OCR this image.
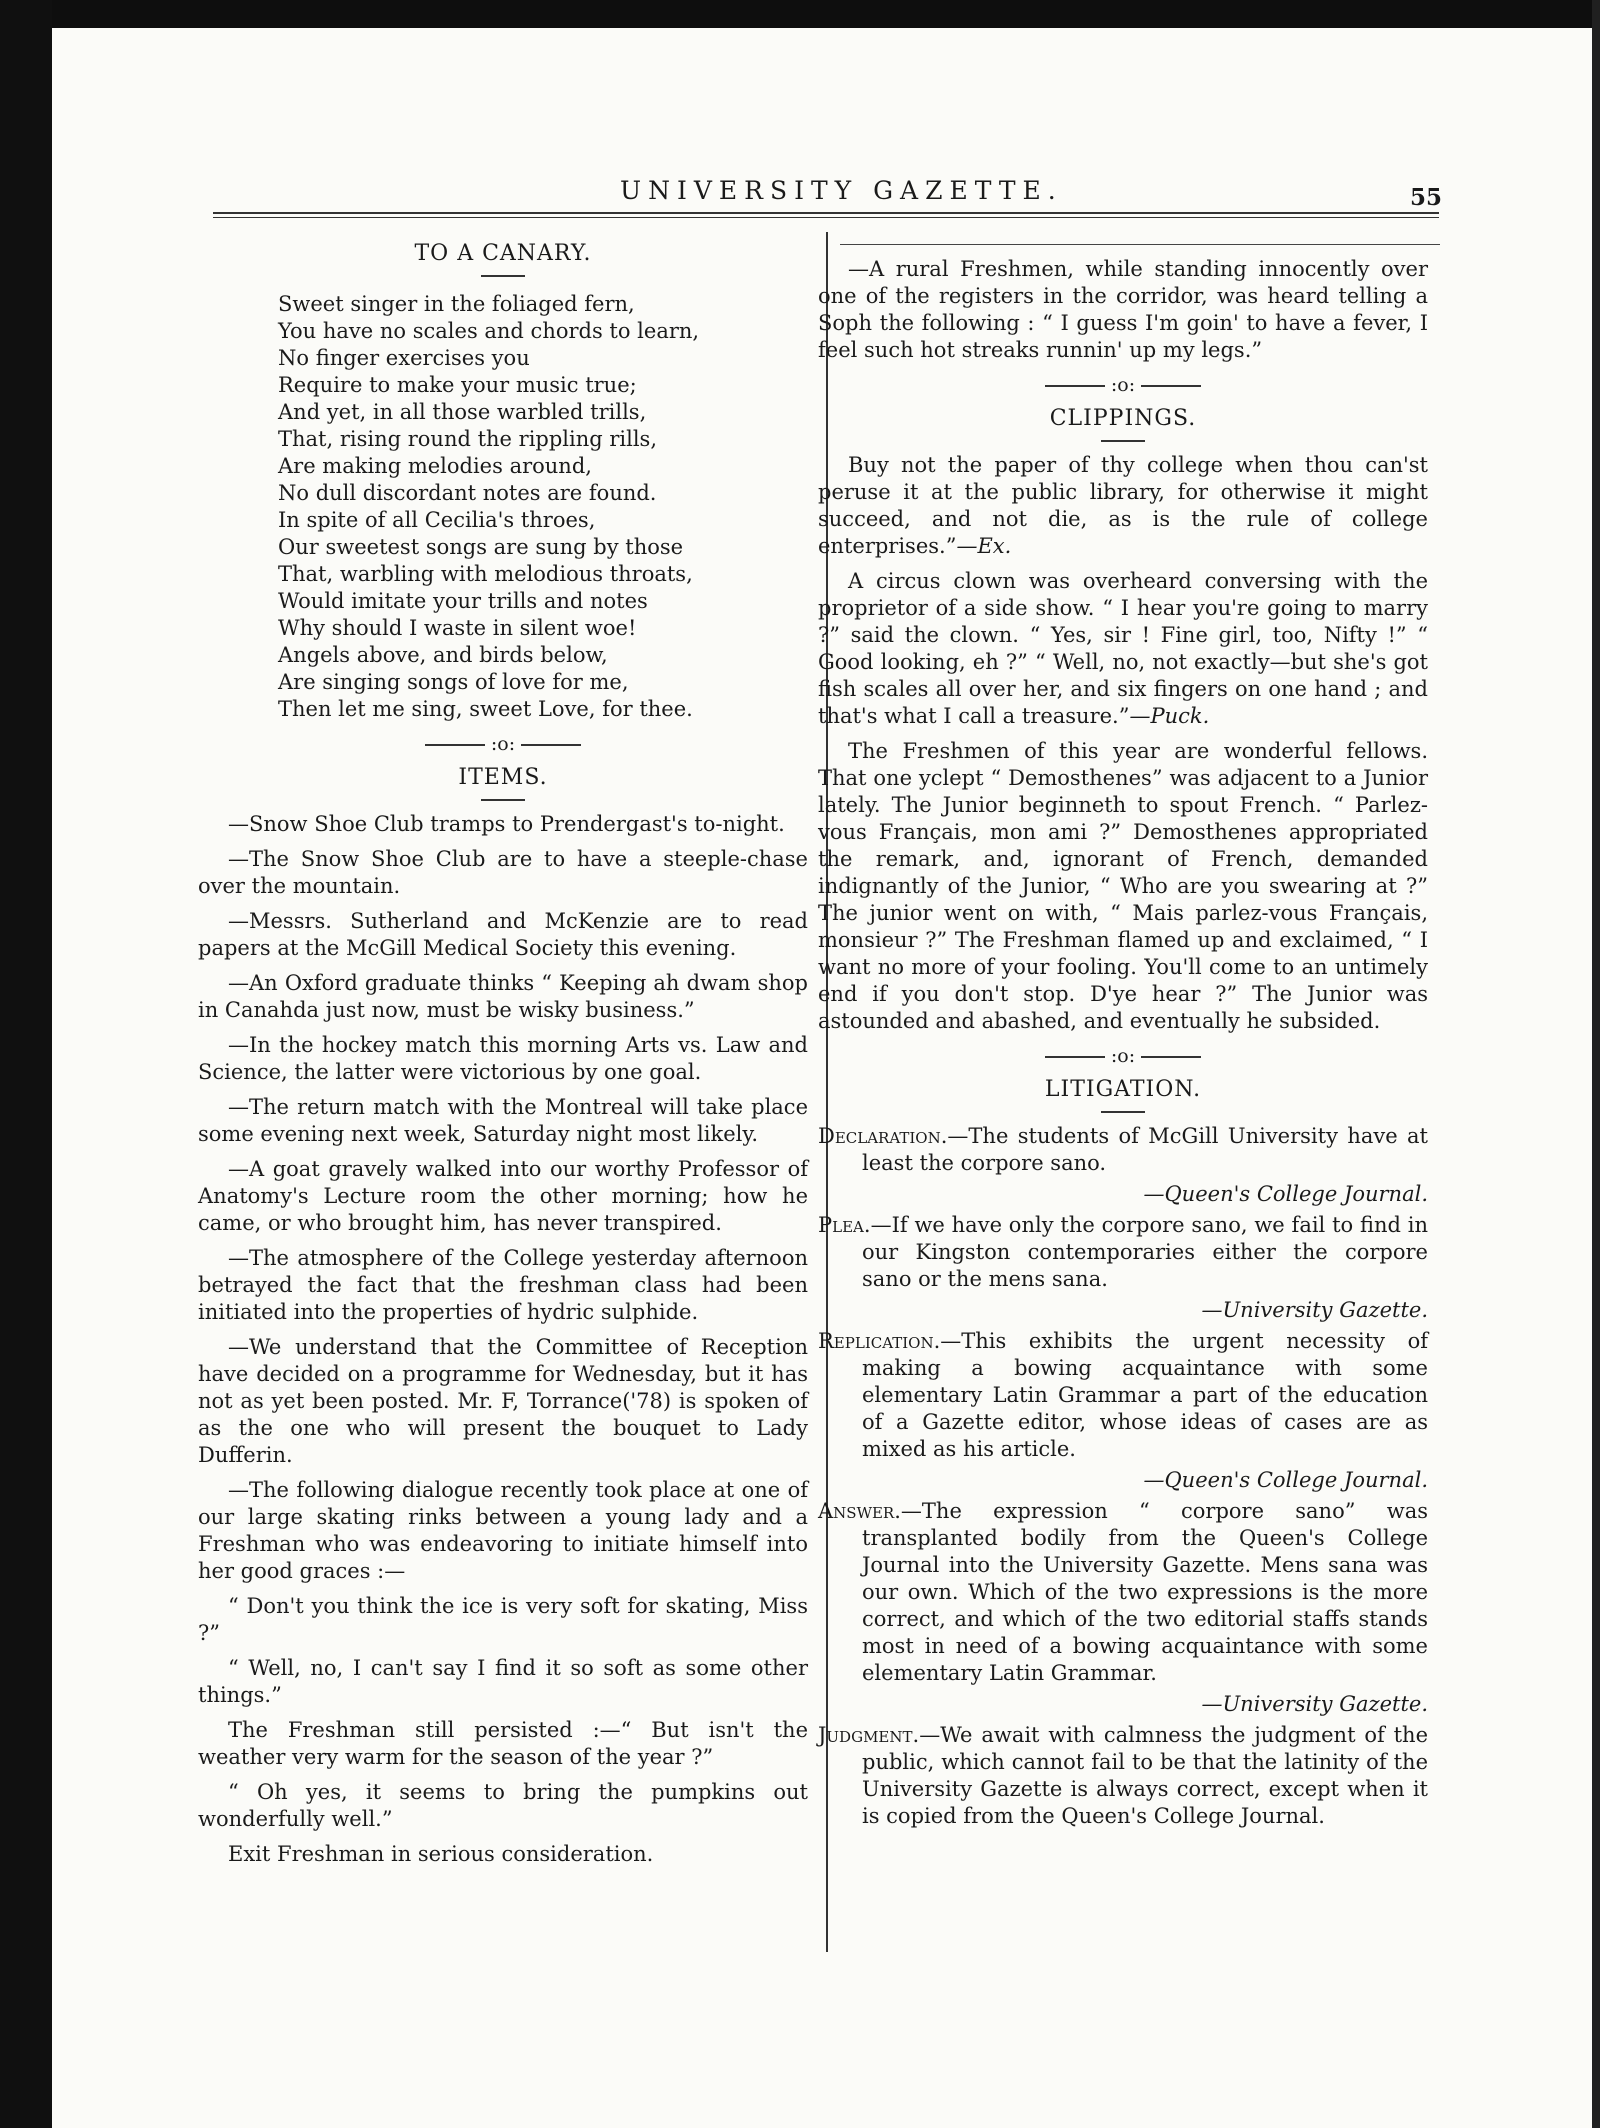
UNIVERSITY GAZETTE.	55
TO A CANARY.
Sweet singer in the foliaged fern,
You have no scales and chords to learn,
No finger exercises you
Require to make your music true;
And yet, in all those warbled trills,
That, rising round the rippling rills,
Are making melodies around,
No dull discordant notes are found.
In spite of all Cecilia's throes,
Our sweetest songs are sung by those
That, warbling with melodious throats,
Would imitate your trills and notes
Why should I waste in silent woe!
Angels above, and birds below,
Are singing songs of love for me,
Then let me sing, sweet Love, for thee.
:o:
ITEMS.

—Snow Shoe Club tramps to Prendergast's to-night.

—The Snow Shoe Club are to have a steeple-chase over the mountain.

—Messrs. Sutherland and McKenzie are to read papers at the McGill Medical Society this evening.

—An Oxford graduate thinks “ Keeping ah dwam shop in Canahda just now, must be wisky business.”

—In the hockey match this morning Arts vs. Law and Science, the latter were victorious by one goal.

—The return match with the Montreal will take place some evening next week, Saturday night most likely.

—A goat gravely walked into our worthy Professor of Anatomy's Lecture room the other morning; how he came, or who brought him, has never transpired.

—The atmosphere of the College yesterday afternoon betrayed the fact that the freshman class had been initiated into the properties of hydric sulphide.

—We understand that the Committee of Reception have decided on a programme for Wednesday, but it has not as yet been posted. Mr. F, Torrance('78) is spoken of as the one who will present the bouquet to Lady Dufferin.

—The following dialogue recently took place at one of our large skating rinks between a young lady and a Freshman who was endeavoring to initiate himself into her good graces :—

“ Don't you think the ice is very soft for skating, Miss ?”

“ Well, no, I can't say I find it so soft as some other things.”

The Freshman still persisted :—“ But isn't the weather very warm for the season of the year ?”

“ Oh yes, it seems to bring the pumpkins out wonderfully well.”

Exit Freshman in serious consideration.

—A rural Freshmen, while standing innocently over one of the registers in the corridor, was heard telling a Soph the following : “ I guess I'm goin' to have a fever, I feel such hot streaks runnin' up my legs.”

:o:
CLIPPINGS.

Buy not the paper of thy college when thou can'st peruse it at the public library, for otherwise it might succeed, and not die, as is the rule of college enterprises.”—Ex.

A circus clown was overheard conversing with the proprietor of a side show. “ I hear you're going to marry ?” said the clown. “ Yes, sir ! Fine girl, too, Nifty !” “ Good looking, eh ?” “ Well, no, not exactly—but she's got fish scales all over her, and six fingers on one hand ; and that's what I call a treasure.”—Puck.

The Freshmen of this year are wonderful fellows. That one yclept “ Demosthenes” was adjacent to a Junior lately. The Junior beginneth to spout French. “ Parlez-vous Français, mon ami ?” Demosthenes appropriated the remark, and, ignorant of French, demanded indignantly of the Junior, “ Who are you swearing at ?” The junior went on with, “ Mais parlez-vous Français, monsieur ?” The Freshman flamed up and exclaimed, “ I want no more of your fooling. You'll come to an untimely end if you don't stop. D'ye hear ?” The Junior was astounded and abashed, and eventually he subsided.

:o:
LITIGATION.
Declaration.—The students of McGill University have at least the corpore sano.
—Queen's College Journal.
Plea.—If we have only the corpore sano, we fail to find in our Kingston contemporaries either the corpore sano or the mens sana.
—University Gazette.
Replication.—This exhibits the urgent necessity of making a bowing acquaintance with some elementary Latin Grammar a part of the education of a Gazette editor, whose ideas of cases are as mixed as his article.
—Queen's College Journal.
Answer.—The expression “ corpore sano” was transplanted bodily from the Queen's College Journal into the University Gazette. Mens sana was our own. Which of the two expressions is the more correct, and which of the two editorial staffs stands most in need of a bowing acquaintance with some elementary Latin Grammar.
—University Gazette.
Judgment.—We await with calmness the judgment of the public, which cannot fail to be that the latinity of the University Gazette is always correct, except when it is copied from the Queen's College Journal.
